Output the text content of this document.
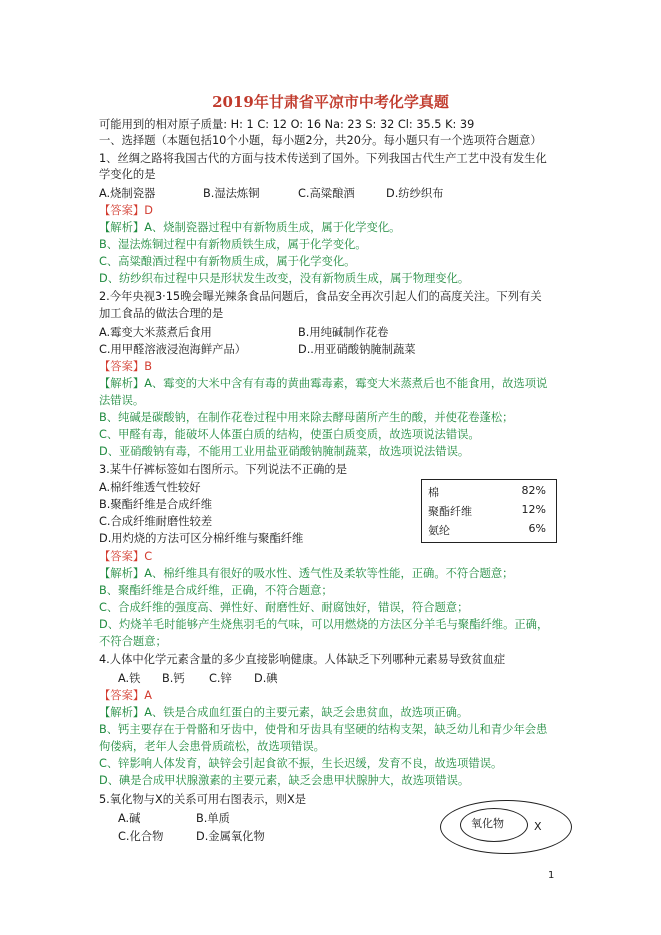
2019年甘肃省平凉市中考化学真题
可能用到的相对原子质量: H: 1 C: 12 O: 16 Na: 23 S: 32 Cl: 35.5 K: 39
一、选择题（本题包括10个小题，每小题2分，共20分。每小题只有一个选项符合题意）
1、丝绸之路将我国古代的方面与技术传送到了国外。下列我国古代生产工艺中没有发生化
学变化的是
A.烧制瓷器	B.湿法炼铜	C.高粱酿酒	D.纺纱织布
【答案】D
【解析】A、烧制瓷器过程中有新物质生成，属于化学变化。
B、湿法炼铜过程中有新物质铁生成，属于化学变化。
C、高粱酿酒过程中有新物质生成，属于化学变化。
D、纺纱织布过程中只是形状发生改变，没有新物质生成，属于物理变化。
2.今年央视3·15晚会曝光辣条食品问题后，食品安全再次引起人们的高度关注。下列有关
加工食品的做法合理的是
A.霉变大米蒸煮后食用	B.用纯碱制作花卷
C.用甲醛溶液浸泡海鲜产品）	D..用亚硝酸钠腌制蔬菜
【答案】B
【解析】A、霉变的大米中含有有毒的黄曲霉毒素，霉变大米蒸煮后也不能食用，故选项说
法错误。
B、纯碱是碳酸钠，在制作花卷过程中用来除去酵母菌所产生的酸，并使花卷蓬松；
C、甲醛有毒，能破坏人体蛋白质的结构，使蛋白质变质，故选项说法错误。
D、亚硝酸钠有毒，不能用工业用盐亚硝酸钠腌制蔬菜，故选项说法错误。
3.某牛仔裤标签如右图所示。下列说法不正确的是
A.棉纤维透气性较好
B.聚酯纤维是合成纤维
C.合成纤维耐磨性较差
D.用灼烧的方法可区分棉纤维与聚酯纤维
棉	82%
聚酯纤维	12%
氨纶	6%
【答案】C
【解析】A、棉纤维具有很好的吸水性、透气性及柔软等性能，正确。不符合题意；
B、聚酯纤维是合成纤维，正确，不符合题意；
C、合成纤维的强度高、弹性好、耐磨性好、耐腐蚀好，错误，符合题意；
D、灼烧羊毛时能够产生烧焦羽毛的气味，可以用燃烧的方法区分羊毛与聚酯纤维。正确，
不符合题意；
4.人体中化学元素含量的多少直接影响健康。人体缺乏下列哪种元素易导致贫血症
A.铁 B.钙 C.锌 D.碘
【答案】A
【解析】A、铁是合成血红蛋白的主要元素，缺乏会患贫血，故选项正确。
B、钙主要存在于骨骼和牙齿中，使骨和牙齿具有坚硬的结构支架，缺乏幼儿和青少年会患
佝偻病，老年人会患骨质疏松，故选项错误。
C、锌影响人体发育，缺锌会引起食欲不振，生长迟缓，发育不良，故选项错误。
D、碘是合成甲状腺激素的主要元素，缺乏会患甲状腺肿大，故选项错误。
5.氧化物与X的关系可用右图表示，则X是
A.碱	B.单质
C.化合物	D.金属氧化物
氧化物	X
1
